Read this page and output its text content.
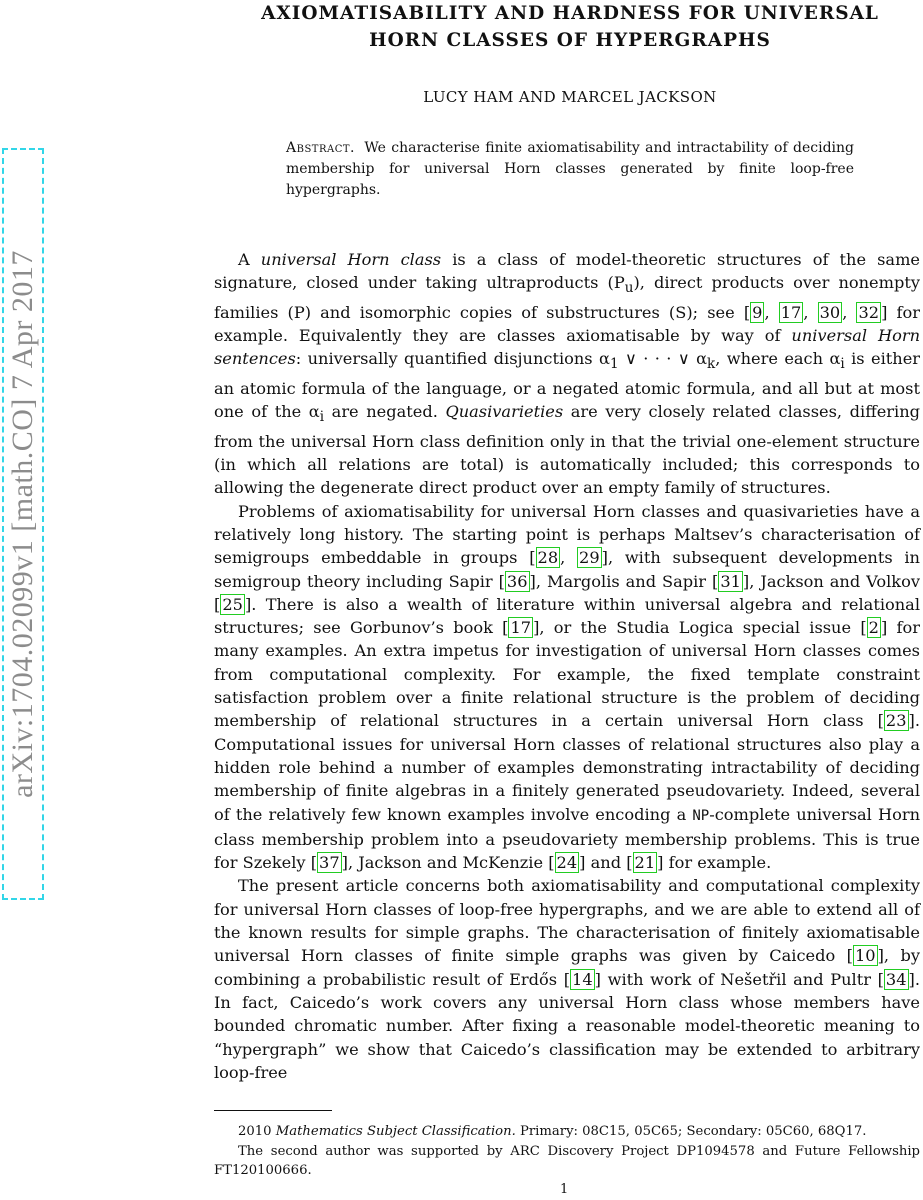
AXIOMATISABILITY AND HARDNESS FOR UNIVERSAL
HORN CLASSES OF HYPERGRAPHS
LUCY HAM AND MARCEL JACKSON
Abstract. We characterise finite axiomatisability and intractability of deciding membership for universal Horn classes generated by finite loop-free hypergraphs.
arXiv:1704.02099v1 [math.CO] 7 Apr 2017	A universal Horn class is a class of model-theoretic structures of the same signature, closed under taking ultraproducts $(P_u)$, direct products over nonempty families (P) and isomorphic copies of substructures (S); see [ 9 , 17 , 30 , 32 ] for example. Equivalently they are classes axiomatisable by way of universal Horn sentences: universally quantified disjunctions $\alpha_1$ ∨ · · · ∨ $\alpha_k$, where each $\alpha_i$ is either an atomic formula of the language, or a negated atomic formula, and all but at most one of the $\alpha_i$ are negated. Quasivarieties are very closely related classes, differing from the universal Horn class definition only in that the trivial one-element structure (in which all relations are total) is automatically included; this corresponds to allowing the degenerate direct product over an empty family of structures.

Problems of axiomatisability for universal Horn classes and quasivarieties have a relatively long history. The starting point is perhaps Maltsev’s characterisation of semigroups embeddable in groups [ 28 , 29 ], with subsequent developments in semigroup theory including Sapir [ 36 ], Margolis and Sapir [ 31 ], Jackson and Volkov [ 25 ]. There is also a wealth of literature within universal algebra and relational structures; see Gorbunov’s book [ 17 ], or the Studia Logica special issue [ 2 ] for many examples. An extra impetus for investigation of universal Horn classes comes from computational complexity. For example, the fixed template constraint satisfaction problem over a finite relational structure is the problem of deciding membership of relational structures in a certain universal Horn class [ 23 ]. Computational issues for universal Horn classes of relational structures also play a hidden role behind a number of examples demonstrating intractability of deciding membership of finite algebras in a finitely generated pseudovariety. Indeed, several of the relatively few known examples involve encoding a NP-complete universal Horn class membership problem into a pseudovariety membership problems. This is true for Szekely [ 37 ], Jackson and McKenzie [ 24 ] and [ 21 ] for example.

The present article concerns both axiomatisability and computational complexity for universal Horn classes of loop-free hypergraphs, and we are able to extend all of the known results for simple graphs. The characterisation of finitely axiomatisable universal Horn classes of finite simple graphs was given by Caicedo [ 10 ], by combining a probabilistic result of Erdős [ 14 ] with work of Nešetřil and Pultr [ 34 ]. In fact, Caicedo’s work covers any universal Horn class whose members have bounded chromatic number. After fixing a reasonable model-theoretic meaning to “hypergraph” we show that Caicedo’s classification may be extended to arbitrary loop-free

2010 Mathematics Subject Classification. Primary: 08C15, 05C65; Secondary: 05C60, 68Q17.
The second author was supported by ARC Discovery Project DP1094578 and Future Fellowship FT120100666.
1
